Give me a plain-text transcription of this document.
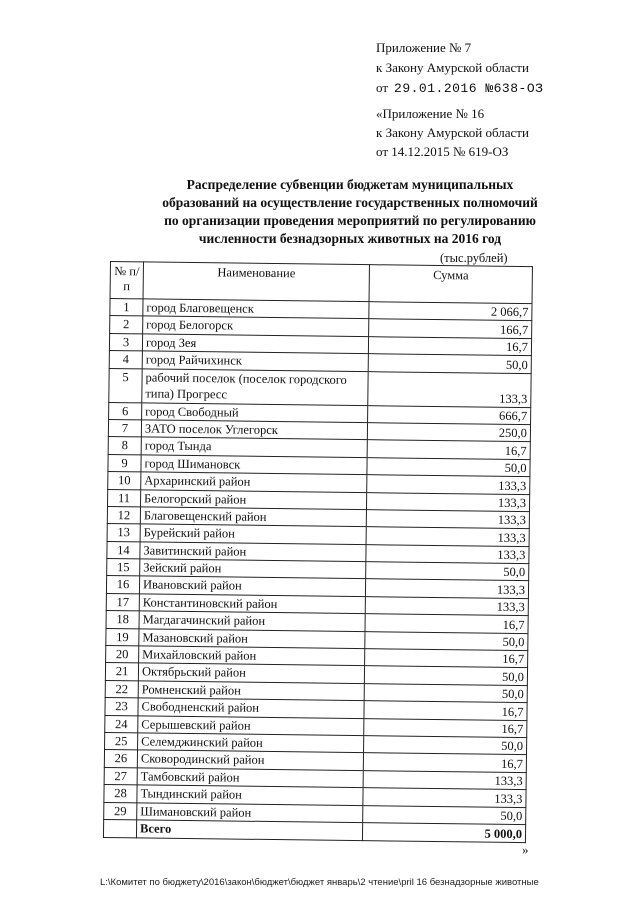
Приложение № 7
к Закону Амурской области
от 29.01.2016 №638-ОЗ
«Приложение № 16
к Закону Амурской области
от 14.12.2015 № 619-ОЗ
Распределение субвенции бюджетам муниципальных
образований на осуществление государственных полномочий
по организации проведения мероприятий по регулированию
численности безнадзорных животных на 2016 год
(тыс.рублей)
№ п/п	Наименование	Сумма
1	город Благовещенск	2 066,7
2	город Белогорск	166,7
3	город Зея	16,7
4	город Райчихинск	50,0
5	рабочий поселок (поселок городского типа) Прогресс	133,3
6	город Свободный	666,7
7	ЗАТО поселок Углегорск	250,0
8	город Тында	16,7
9	город Шимановск	50,0
10	Архаринский район	133,3
11	Белогорский район	133,3
12	Благовещенский район	133,3
13	Бурейский район	133,3
14	Завитинский район	133,3
15	Зейский район	50,0
16	Ивановский район	133,3
17	Константиновский район	133,3
18	Магдагачинский район	16,7
19	Мазановский район	50,0
20	Михайловский район	16,7
21	Октябрьский район	50,0
22	Ромненский район	50,0
23	Свободненский район	16,7
24	Серышевский район	16,7
25	Селемджинский район	50,0
26	Сковородинский район	16,7
27	Тамбовский район	133,3
28	Тындинский район	133,3
29	Шимановский район	50,0
	Всего	5 000,0
»
L:\Комитет по бюджету\2016\закон\бюджет\бюджет январь\2 чтение\pril 16 безнадзорные животные
